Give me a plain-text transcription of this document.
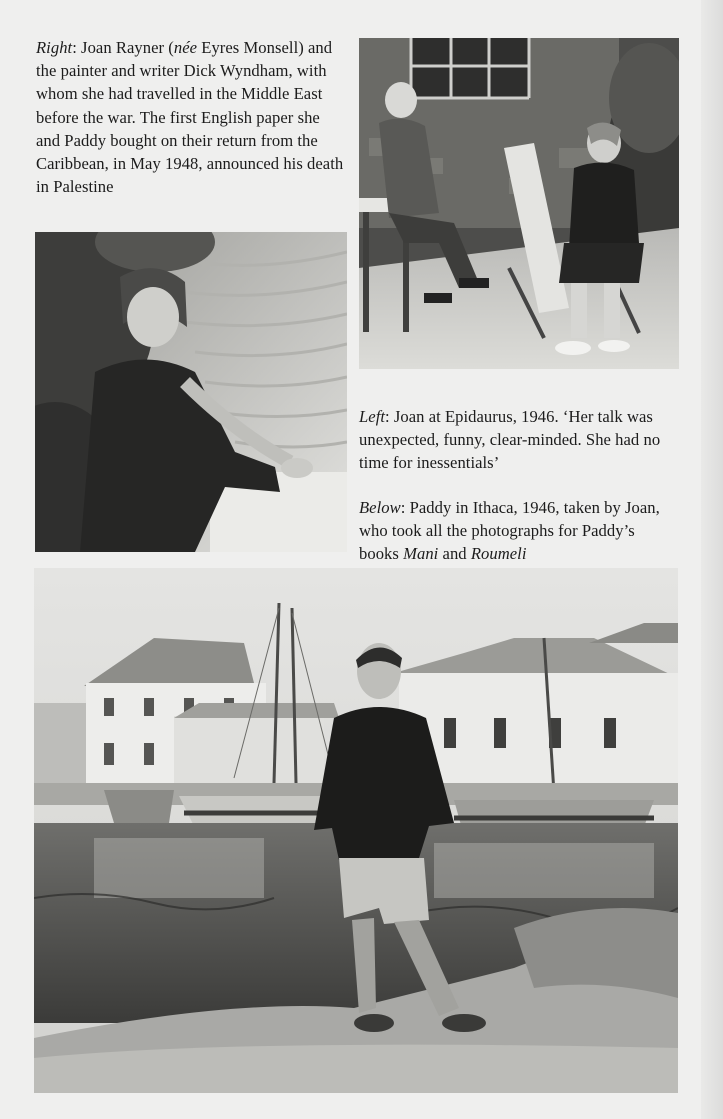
Right: Joan Rayner (née Eyres Monsell) and the painter and writer Dick Wyndham, with whom she had travelled in the Middle East before the war. The first English paper she and Paddy bought on their return from the Caribbean, in May 1948, announced his death in Palestine

Left: Joan at Epidaurus, 1946. ‘Her talk was unexpected, funny, clear-minded. She had no time for inessentials’

Below: Paddy in Ithaca, 1946, taken by Joan, who took all the photographs for Paddy’s books Mani and Roumeli
